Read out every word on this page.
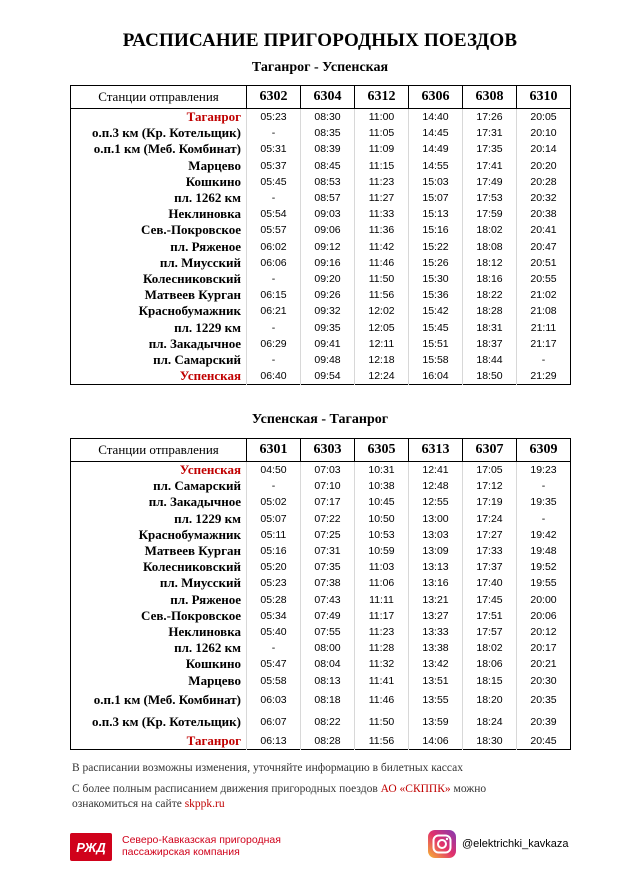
РАСПИСАНИЕ ПРИГОРОДНЫХ ПОЕЗДОВ
Таганрог - Успенская
Станции отправления	6302	6304	6312	6306	6308	6310
Таганрог	05:23	08:30	11:00	14:40	17:26	20:05
о.п.3 км (Кр. Котельщик)	-	08:35	11:05	14:45	17:31	20:10
о.п.1 км (Меб. Комбинат)	05:31	08:39	11:09	14:49	17:35	20:14
Марцево	05:37	08:45	11:15	14:55	17:41	20:20
Кошкино	05:45	08:53	11:23	15:03	17:49	20:28
пл. 1262 км	-	08:57	11:27	15:07	17:53	20:32
Неклиновка	05:54	09:03	11:33	15:13	17:59	20:38
Сев.-Покровское	05:57	09:06	11:36	15:16	18:02	20:41
пл. Ряженое	06:02	09:12	11:42	15:22	18:08	20:47
пл. Миусский	06:06	09:16	11:46	15:26	18:12	20:51
Колесниковский	-	09:20	11:50	15:30	18:16	20:55
Матвеев Курган	06:15	09:26	11:56	15:36	18:22	21:02
Краснобумажник	06:21	09:32	12:02	15:42	18:28	21:08
пл. 1229 км	-	09:35	12:05	15:45	18:31	21:11
пл. Закадычное	06:29	09:41	12:11	15:51	18:37	21:17
пл. Самарский	-	09:48	12:18	15:58	18:44	-
Успенская	06:40	09:54	12:24	16:04	18:50	21:29
Успенская - Таганрог
Станции отправления	6301	6303	6305	6313	6307	6309
Успенская	04:50	07:03	10:31	12:41	17:05	19:23
пл. Самарский	-	07:10	10:38	12:48	17:12	-
пл. Закадычное	05:02	07:17	10:45	12:55	17:19	19:35
пл. 1229 км	05:07	07:22	10:50	13:00	17:24	-
Краснобумажник	05:11	07:25	10:53	13:03	17:27	19:42
Матвеев Курган	05:16	07:31	10:59	13:09	17:33	19:48
Колесниковский	05:20	07:35	11:03	13:13	17:37	19:52
пл. Миусский	05:23	07:38	11:06	13:16	17:40	19:55
пл. Ряженое	05:28	07:43	11:11	13:21	17:45	20:00
Сев.-Покровское	05:34	07:49	11:17	13:27	17:51	20:06
Неклиновка	05:40	07:55	11:23	13:33	17:57	20:12
пл. 1262 км	-	08:00	11:28	13:38	18:02	20:17
Кошкино	05:47	08:04	11:32	13:42	18:06	20:21
Марцево	05:58	08:13	11:41	13:51	18:15	20:30
о.п.1 км (Меб. Комбинат)	06:03	08:18	11:46	13:55	18:20	20:35
о.п.3 км (Кр. Котельщик)	06:07	08:22	11:50	13:59	18:24	20:39
Таганрог	06:13	08:28	11:56	14:06	18:30	20:45
В расписании возможны изменения, уточняйте информацию в билетных кассах
С более полным расписанием движения пригородных поездов АО «СКППК» можно ознакомиться на сайте skppk.ru
РЖД Северо-Кавказская пригородная
пассажирская компания
@elektrichki_kavkaza
